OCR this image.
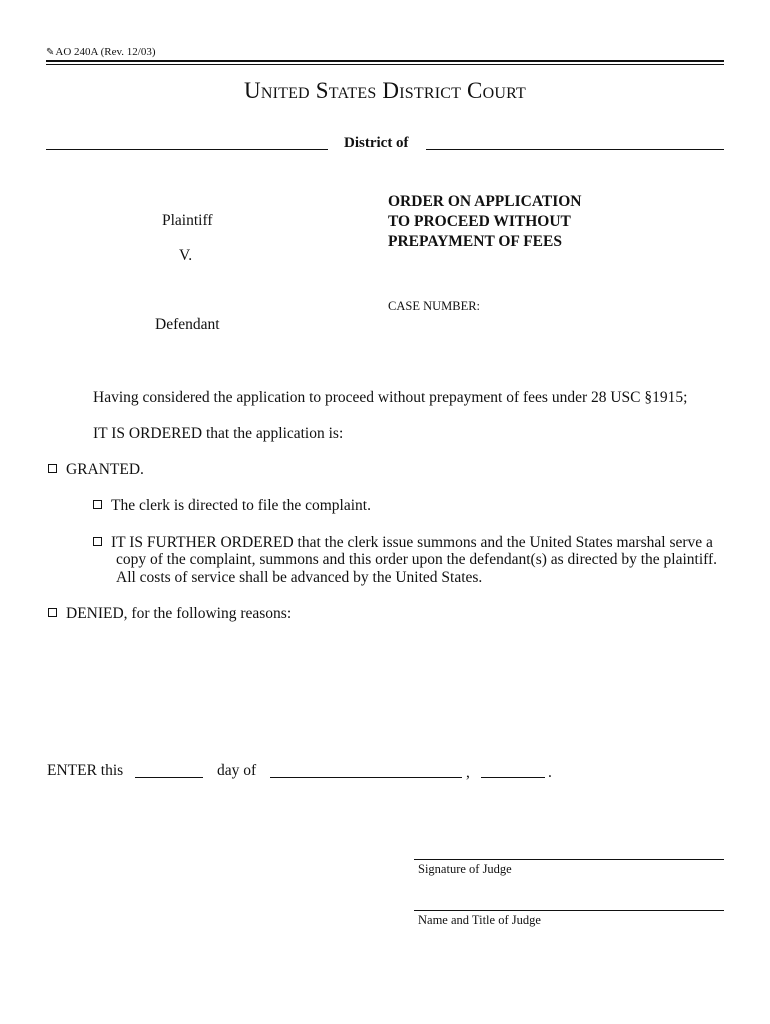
✎AO 240A (Rev. 12/03)
United States District Court
District of
Plaintiff
V.
Defendant
ORDER ON APPLICATION
TO PROCEED WITHOUT
PREPAYMENT OF FEES
CASE NUMBER:
Having considered the application to proceed without prepayment of fees under 28 USC §1915;
IT IS ORDERED that the application is:
GRANTED.
The clerk is directed to file the complaint.
IT IS FURTHER ORDERED that the clerk issue summons and the United States marshal serve a
copy of the complaint, summons and this order upon the defendant(s) as directed by the plaintiff.
All costs of service shall be advanced by the United States.
DENIED, for the following reasons:
ENTER this	day of	,	.
Signature of Judge
Name and Title of Judge
